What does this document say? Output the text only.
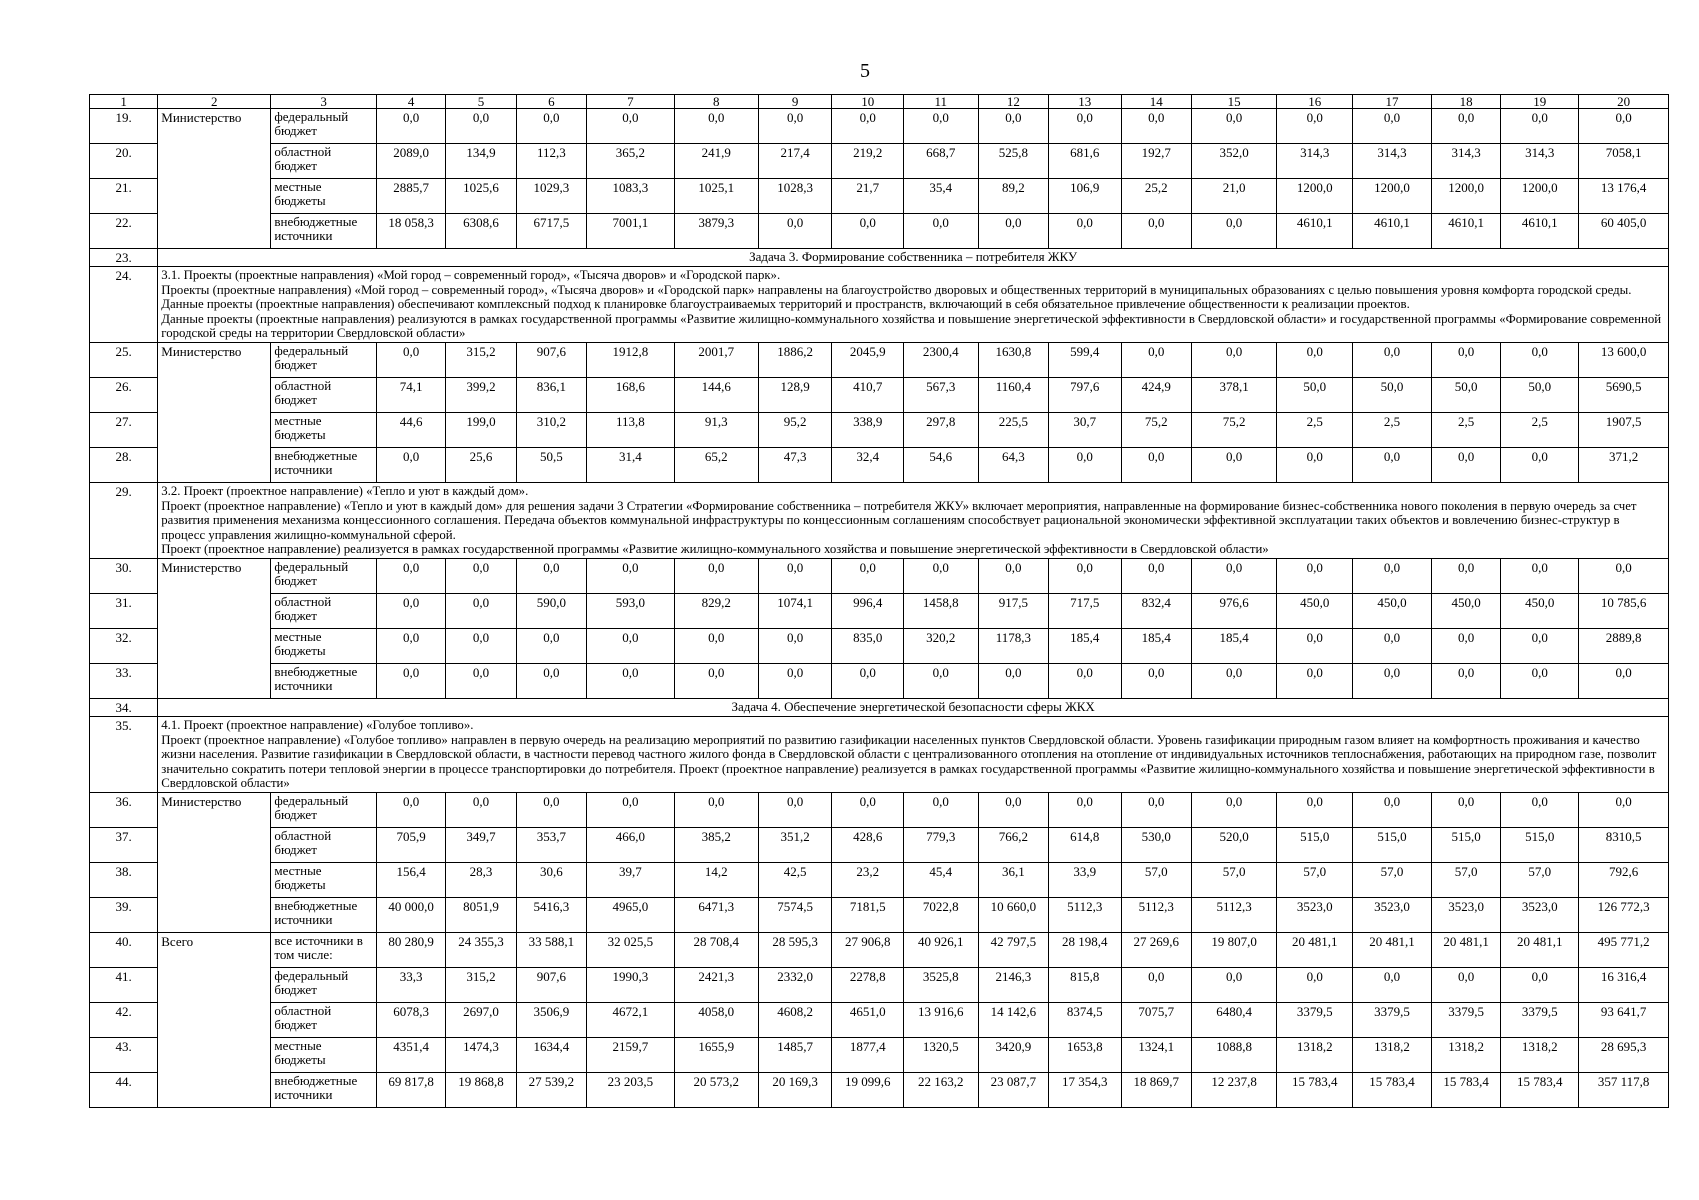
5
1	2	3	4	5	6	7	8	9	10	11	12	13	14	15	16	17	18	19	20
19.	Министерство	федеральный бюджет	0,0	0,0	0,0	0,0	0,0	0,0	0,0	0,0	0,0	0,0	0,0	0,0	0,0	0,0	0,0	0,0	0,0
20.		областной бюджет	2089,0	134,9	112,3	365,2	241,9	217,4	219,2	668,7	525,8	681,6	192,7	352,0	314,3	314,3	314,3	314,3	7058,1
21.		местные бюджеты	2885,7	1025,6	1029,3	1083,3	1025,1	1028,3	21,7	35,4	89,2	106,9	25,2	21,0	1200,0	1200,0	1200,0	1200,0	13 176,4
22.		внебюджетные источники	18 058,3	6308,6	6717,5	7001,1	3879,3	0,0	0,0	0,0	0,0	0,0	0,0	0,0	4610,1	4610,1	4610,1	4610,1	60 405,0
23.	Задача 3. Формирование собственника – потребителя ЖКУ																		
24.	3.1. Проекты (проектные направления) «Мой город – современный город», «Тысяча дворов» и «Городской парк».
Проекты (проектные направления) «Мой город – современный город», «Тысяча дворов» и «Городской парк» направлены на благоустройство дворовых и общественных территорий в муниципальных образованиях с целью повышения уровня комфорта городской среды. Данные проекты (проектные направления) обеспечивают комплексный подход к планировке благоустраиваемых территорий и пространств, включающий в себя обязательное привлечение общественности к реализации проектов.
Данные проекты (проектные направления) реализуются в рамках государственной программы «Развитие жилищно-коммунального хозяйства и повышение энергетической эффективности в Свердловской области» и государственной программы «Формирование современной городской среды на территории Свердловской области»																		

25.	Министерство	федеральный бюджет	0,0	315,2	907,6	1912,8	2001,7	1886,2	2045,9	2300,4	1630,8	599,4	0,0	0,0	0,0	0,0	0,0	0,0	13 600,0
26.		областной бюджет	74,1	399,2	836,1	168,6	144,6	128,9	410,7	567,3	1160,4	797,6	424,9	378,1	50,0	50,0	50,0	50,0	5690,5
27.		местные бюджеты	44,6	199,0	310,2	113,8	91,3	95,2	338,9	297,8	225,5	30,7	75,2	75,2	2,5	2,5	2,5	2,5	1907,5
28.		внебюджетные источники	0,0	25,6	50,5	31,4	65,2	47,3	32,4	54,6	64,3	0,0	0,0	0,0	0,0	0,0	0,0	0,0	371,2
29.	3.2. Проект (проектное направление) «Тепло и уют в каждый дом».
Проект (проектное направление) «Тепло и уют в каждый дом» для решения задачи 3 Стратегии «Формирование собственника – потребителя ЖКУ» включает мероприятия, направленные на формирование бизнес-собственника нового поколения в первую очередь за счет развития применения механизма концессионного соглашения. Передача объектов коммунальной инфраструктуры по концессионным соглашениям способствует рациональной экономически эффективной эксплуатации таких объектов и вовлечению бизнес-структур в процесс управления жилищно-коммунальной сферой.
Проект (проектное направление) реализуется в рамках государственной программы «Развитие жилищно-коммунального хозяйства и повышение энергетической эффективности в Свердловской области»																		

30.	Министерство	федеральный бюджет	0,0	0,0	0,0	0,0	0,0	0,0	0,0	0,0	0,0	0,0	0,0	0,0	0,0	0,0	0,0	0,0	0,0
31.		областной бюджет	0,0	0,0	590,0	593,0	829,2	1074,1	996,4	1458,8	917,5	717,5	832,4	976,6	450,0	450,0	450,0	450,0	10 785,6
32.		местные бюджеты	0,0	0,0	0,0	0,0	0,0	0,0	835,0	320,2	1178,3	185,4	185,4	185,4	0,0	0,0	0,0	0,0	2889,8
33.		внебюджетные источники	0,0	0,0	0,0	0,0	0,0	0,0	0,0	0,0	0,0	0,0	0,0	0,0	0,0	0,0	0,0	0,0	0,0
34.	Задача 4. Обеспечение энергетической безопасности сферы ЖКХ																		
35.	4.1. Проект (проектное направление) «Голубое топливо».
Проект (проектное направление) «Голубое топливо» направлен в первую очередь на реализацию мероприятий по развитию газификации населенных пунктов Свердловской области. Уровень газификации природным газом влияет на комфортность проживания и качество жизни населения. Развитие газификации в Свердловской области, в частности перевод частного жилого фонда в Свердловской области с централизованного отопления на отопление от индивидуальных источников теплоснабжения, работающих на природном газе, позволит значительно сократить потери тепловой энергии в процессе транспортировки до потребителя. Проект (проектное направление) реализуется в рамках государственной программы «Развитие жилищно-коммунального хозяйства и повышение энергетической эффективности в Свердловской области»																		

36.	Министерство	федеральный бюджет	0,0	0,0	0,0	0,0	0,0	0,0	0,0	0,0	0,0	0,0	0,0	0,0	0,0	0,0	0,0	0,0	0,0
37.		областной бюджет	705,9	349,7	353,7	466,0	385,2	351,2	428,6	779,3	766,2	614,8	530,0	520,0	515,0	515,0	515,0	515,0	8310,5
38.		местные бюджеты	156,4	28,3	30,6	39,7	14,2	42,5	23,2	45,4	36,1	33,9	57,0	57,0	57,0	57,0	57,0	57,0	792,6
39.		внебюджетные источники	40 000,0	8051,9	5416,3	4965,0	6471,3	7574,5	7181,5	7022,8	10 660,0	5112,3	5112,3	5112,3	3523,0	3523,0	3523,0	3523,0	126 772,3
40.	Всего	все источники в том числе:	80 280,9	24 355,3	33 588,1	32 025,5	28 708,4	28 595,3	27 906,8	40 926,1	42 797,5	28 198,4	27 269,6	19 807,0	20 481,1	20 481,1	20 481,1	20 481,1	495 771,2
41.		федеральный бюджет	33,3	315,2	907,6	1990,3	2421,3	2332,0	2278,8	3525,8	2146,3	815,8	0,0	0,0	0,0	0,0	0,0	0,0	16 316,4
42.		областной бюджет	6078,3	2697,0	3506,9	4672,1	4058,0	4608,2	4651,0	13 916,6	14 142,6	8374,5	7075,7	6480,4	3379,5	3379,5	3379,5	3379,5	93 641,7
43.		местные бюджеты	4351,4	1474,3	1634,4	2159,7	1655,9	1485,7	1877,4	1320,5	3420,9	1653,8	1324,1	1088,8	1318,2	1318,2	1318,2	1318,2	28 695,3
44.		внебюджетные источники	69 817,8	19 868,8	27 539,2	23 203,5	20 573,2	20 169,3	19 099,6	22 163,2	23 087,7	17 354,3	18 869,7	12 237,8	15 783,4	15 783,4	15 783,4	15 783,4	357 117,8
